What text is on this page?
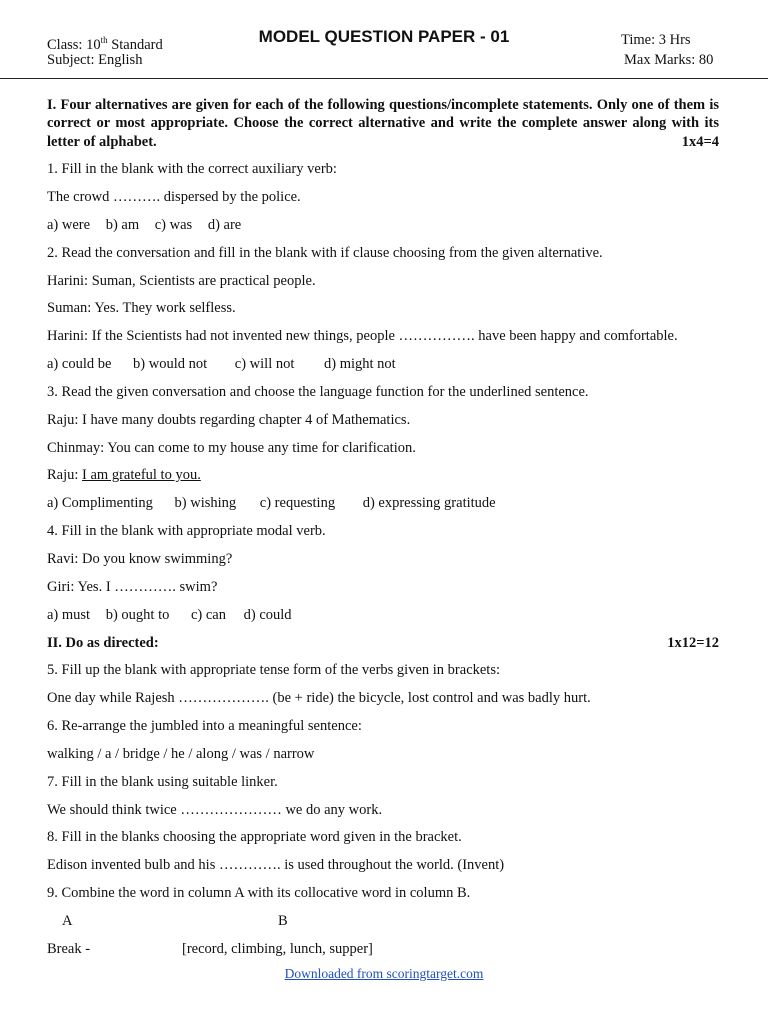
Class: 10th Standard
Subject: English
MODEL QUESTION PAPER - 01	Time: 3 Hrs
Max Marks: 80
I. Four alternatives are given for each of the following questions/incomplete statements. Only one of them is correct or most appropriate. Choose the correct alternative and write the complete answer along with its letter of alphabet.	1x4=4
1. Fill in the blank with the correct auxiliary verb:
The crowd ………. dispersed by the police.
a) were b) am c) was d) are
2. Read the conversation and fill in the blank with if clause choosing from the given alternative.
Harini: Suman, Scientists are practical people.
Suman: Yes. They work selfless.
Harini: If the Scientists had not invented new things, people ……………. have been happy and comfortable.
a) could be b) would not c) will not d) might not
3. Read the given conversation and choose the language function for the underlined sentence.
Raju: I have many doubts regarding chapter 4 of Mathematics.
Chinmay: You can come to my house any time for clarification.
Raju: I am grateful to you.
a) Complimenting b) wishing c) requesting d) expressing gratitude
4. Fill in the blank with appropriate modal verb.
Ravi: Do you know swimming?
Giri: Yes. I …………. swim?
a) must b) ought to c) can d) could
II. Do as directed:	1x12=12
5. Fill up the blank with appropriate tense form of the verbs given in brackets:
One day while Rajesh ………………. (be + ride) the bicycle, lost control and was badly hurt.
6. Re-arrange the jumbled into a meaningful sentence:
walking / a / bridge / he / along / was / narrow
7. Fill in the blank using suitable linker.
We should think twice ………………… we do any work.
8. Fill in the blanks choosing the appropriate word given in the bracket.
Edison invented bulb and his …………. is used throughout the world. (Invent)
9. Combine the word in column A with its collocative word in column B.
A	B
Break -	[record, climbing, lunch, supper]
Downloaded from scoringtarget.com
